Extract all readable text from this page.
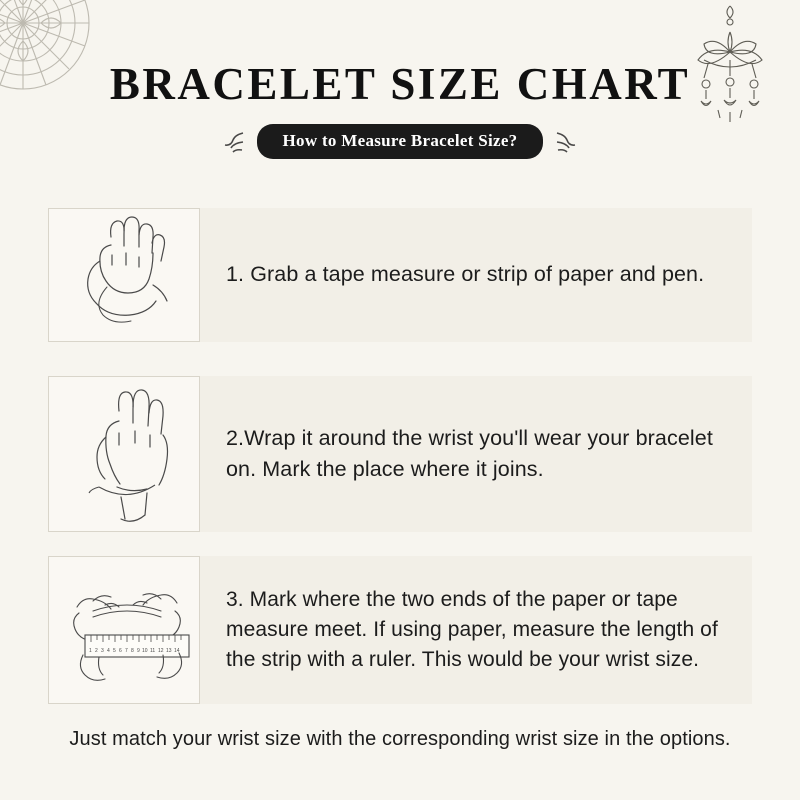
BRACELET SIZE CHART
How to Measure Bracelet Size?
1. Grab a tape measure or strip of paper and pen.
2.Wrap it around the wrist you'll wear your bracelet on. Mark the place where it joins.
1 2 3 4 5 6 7 8 9 10 11 12 13 14
3. Mark where the two ends of the paper or tape measure meet. If using paper, measure the length of the strip with a ruler. This would be your wrist size.
Just match your wrist size with the corresponding wrist size in the options.
